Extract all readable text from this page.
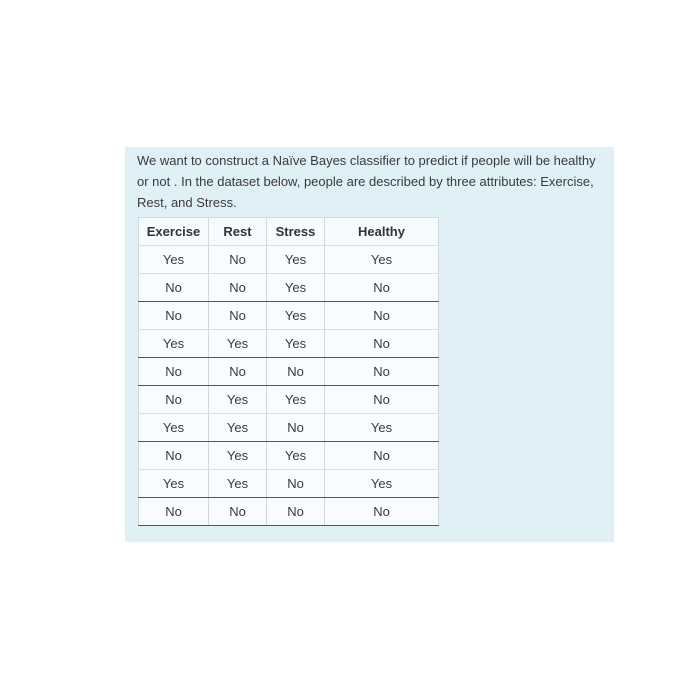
We want to construct a Naïve Bayes classifier to predict if people will be healthy or not . In the dataset below, people are described by three attributes: Exercise, Rest, and Stress.

Exercise	Rest	Stress	Healthy
Yes	No	Yes	Yes
No	No	Yes	No
No	No	Yes	No
Yes	Yes	Yes	No
No	No	No	No
No	Yes	Yes	No
Yes	Yes	No	Yes
No	Yes	Yes	No
Yes	Yes	No	Yes
No	No	No	No
